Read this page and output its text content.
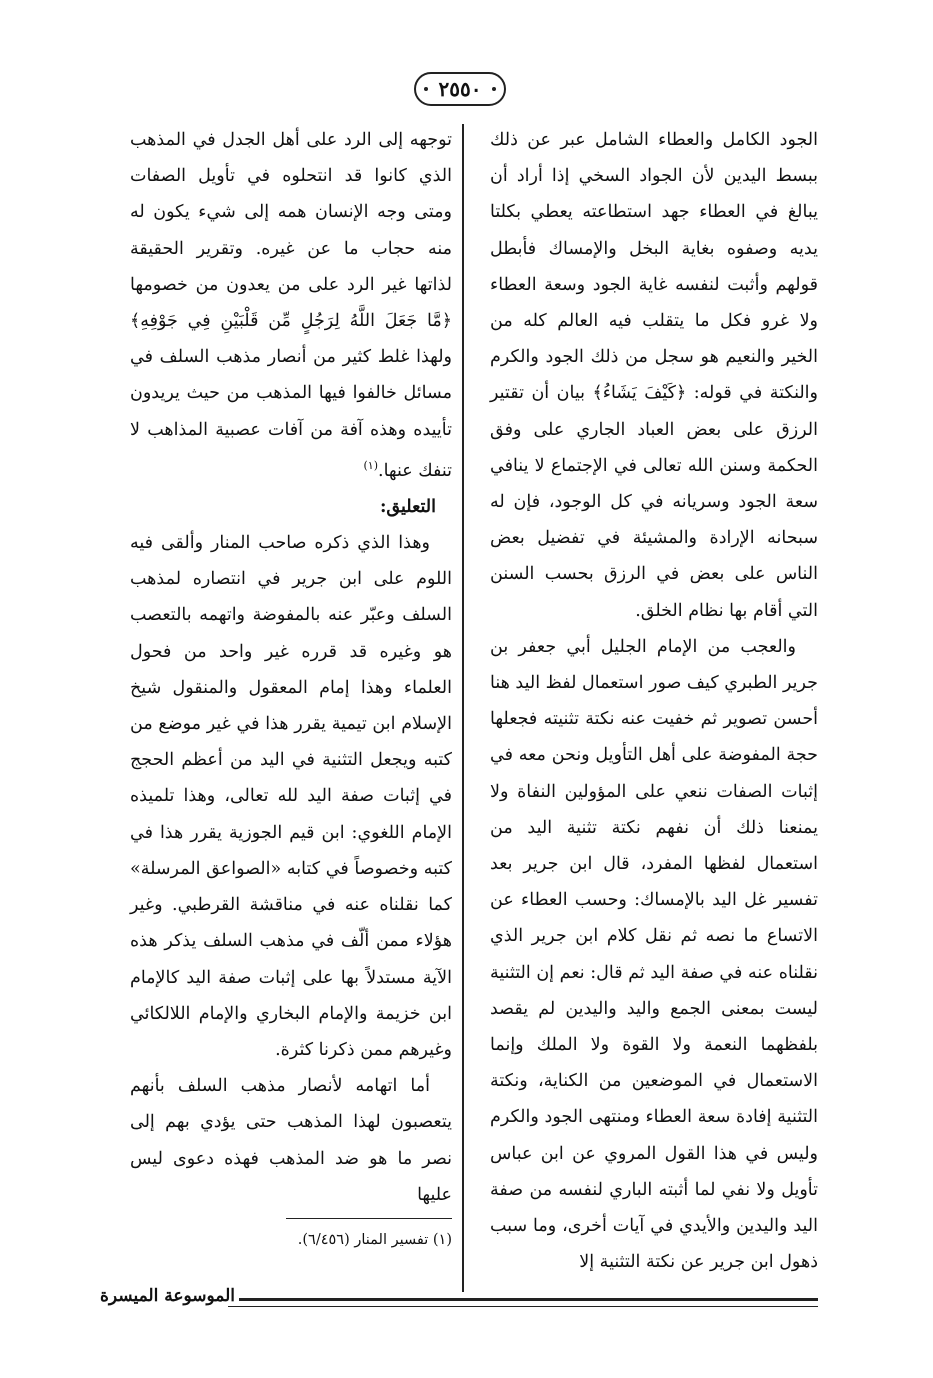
٢٥٥٠

الجود الكامل والعطاء الشامل عبر عن ذلك ببسط اليدين لأن الجواد السخي إذا أراد أن يبالغ في العطاء جهد استطاعته يعطي بكلتا يديه وصفوه بغاية البخل والإمساك فأبطل قولهم وأثبت لنفسه غاية الجود وسعة العطاء ولا غرو فكل ما يتقلب فيه العالم كله من الخير والنعيم هو سجل من ذلك الجود والكرم والنكتة في قوله: ﴿كَيْفَ يَشَاءُ﴾ بيان أن تقتير الرزق على بعض العباد الجاري على وفق الحكمة وسنن الله تعالى في الإجتماع لا ينافي سعة الجود وسريانه في كل الوجود، فإن له سبحانه الإرادة والمشيئة في تفضيل بعض الناس على بعض في الرزق بحسب السنن التي أقام بها نظام الخلق.

والعجب من الإمام الجليل أبي جعفر بن جرير الطبري كيف صور استعمال لفظ اليد هنا أحسن تصوير ثم خفيت عنه نكتة تثنيته فجعلها حجة المفوضة على أهل التأويل ونحن معه في إثبات الصفات ننعي على المؤولين النفاة ولا يمنعنا ذلك أن نفهم نكتة تثنية اليد من استعمال لفظها المفرد، قال ابن جرير بعد تفسير غل اليد بالإمساك: وحسب العطاء عن الاتساع ما نصه ثم نقل كلام ابن جرير الذي نقلناه عنه في صفة اليد ثم قال: نعم إن التثنية ليست بمعنى الجمع واليد واليدين لم يقصد بلفظهما النعمة ولا القوة ولا الملك وإنما الاستعمال في الموضعين من الكناية، ونكتة التثنية إفادة سعة العطاء ومنتهى الجود والكرم وليس في هذا القول المروي عن ابن عباس تأويل ولا نفي لما أثبته الباري لنفسه من صفة اليد واليدين والأيدي في آيات أخرى، وما سبب ذهول ابن جرير عن نكتة التثنية إلا

توجهه إلى الرد على أهل الجدل في المذهب الذي كانوا قد انتحلوه في تأويل الصفات ومتى وجه الإنسان همه إلى شيء يكون له منه حجاب ما عن غيره. وتقرير الحقيقة لذاتها غير الرد على من يعدون من خصومها ﴿مَّا جَعَلَ اللَّهُ لِرَجُلٍ مِّن قَلْبَيْنِ فِي جَوْفِهِ﴾ ولهذا غلط كثير من أنصار مذهب السلف في مسائل خالفوا فيها المذهب من حيث يريدون تأييده وهذه آفة من آفات عصبية المذاهب لا تنفك عنها.$^{(١)}$

التعليق:

وهذا الذي ذكره صاحب المنار وألقى فيه اللوم على ابن جرير في انتصاره لمذهب السلف وعبّر عنه بالمفوضة واتهمه بالتعصب هو وغيره قد قرره غير واحد من فحول العلماء وهذا إمام المعقول والمنقول شيخ الإسلام ابن تيمية يقرر هذا في غير موضع من كتبه ويجعل التثنية في اليد من أعظم الحجج في إثبات صفة اليد لله تعالى، وهذا تلميذه الإمام اللغوي: ابن قيم الجوزية يقرر هذا في كتبه وخصوصاً في كتابه «الصواعق المرسلة» كما نقلناه عنه في مناقشة القرطبي. وغير هؤلاء ممن ألّف في مذهب السلف يذكر هذه الآية مستدلاً بها على إثبات صفة اليد كالإمام ابن خزيمة والإمام البخاري والإمام اللالكائي وغيرهم ممن ذكرنا كثرة.

أما اتهامه لأنصار مذهب السلف بأنهم يتعصبون لهذا المذهب حتى يؤدي بهم إلى نصر ما هو ضد المذهب فهذه دعوى ليس عليها

(١) تفسير المنار (٦/٤٥٦).
الموسوعة الميسرة
